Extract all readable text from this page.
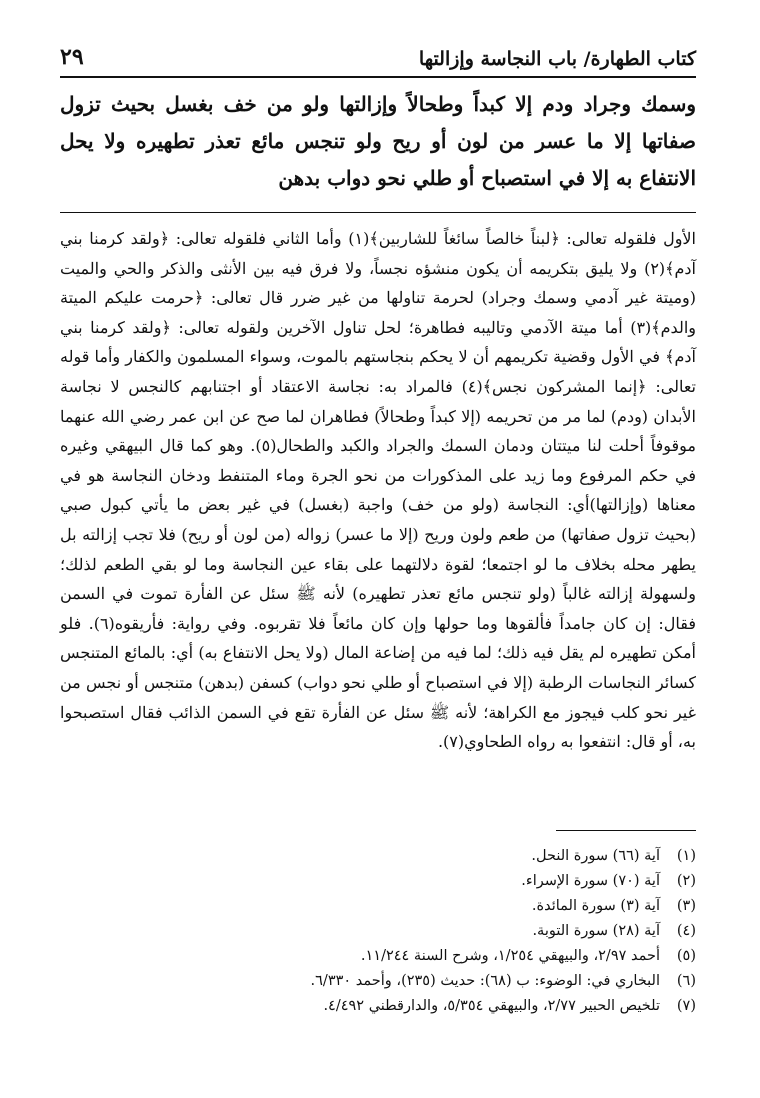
كتاب الطهارة/ باب النجاسة وإزالتها
٢٩
وسمك وجراد ودم إلا كبداً وطحالاً وإزالتها ولو من خف بغسل بحيث تزول صفاتها إلا ما عسر من لون أو ريح ولو تنجس مائع تعذر تطهيره ولا يحل الانتفاع به إلا في استصباح أو طلي نحو دواب بدهن
الأول فلقوله تعالى: ﴿لبناً خالصاً سائغاً للشاربين﴾(١) وأما الثاني فلقوله تعالى: ﴿ولقد كرمنا بني آدم﴾(٢) ولا يليق بتكريمه أن يكون منشؤه نجساً، ولا فرق فيه بين الأنثى والذكر والحي والميت (وميتة غير آدمي وسمك وجراد) لحرمة تناولها من غير ضرر قال تعالى: ﴿حرمت عليكم الميتة والدم﴾(٣) أما ميتة الآدمي وتاليبه فطاهرة؛ لحل تناول الآخرين ولقوله تعالى: ﴿ولقد كرمنا بني آدم﴾ في الأول وقضية تكريمهم أن لا يحكم بنجاستهم بالموت، وسواء المسلمون والكفار وأما قوله تعالى: ﴿إنما المشركون نجس﴾(٤) فالمراد به: نجاسة الاعتقاد أو اجتنابهم كالنجس لا نجاسة الأبدان (ودم) لما مر من تحريمه (إلا كبداً وطحالاً) فطاهران لما صح عن ابن عمر رضي الله عنهما موقوفاً أحلت لنا ميتتان ودمان السمك والجراد والكبد والطحال(٥). وهو كما قال البيهقي وغيره في حكم المرفوع وما زيد على المذكورات من نحو الجرة وماء المتنفط ودخان النجاسة هو في معناها (وإزالتها)أي: النجاسة (ولو من خف) واجبة (بغسل) في غير بعض ما يأتي كبول صبي (بحيث تزول صفاتها) من طعم ولون وريح (إلا ما عسر) زواله (من لون أو ريح) فلا تجب إزالته بل يطهر محله بخلاف ما لو اجتمعا؛ لقوة دلالتهما على بقاء عين النجاسة وما لو بقي الطعم لذلك؛ ولسهولة إزالته غالباً (ولو تنجس مائع تعذر تطهيره) لأنه ﷺ سئل عن الفأرة تموت في السمن فقال: إن كان جامداً فألقوها وما حولها وإن كان مائعاً فلا تقربوه. وفي رواية: فأريقوه(٦). فلو أمكن تطهيره لم يقل فيه ذلك؛ لما فيه من إضاعة المال (ولا يحل الانتفاع به) أي: بالمائع المتنجس كسائر النجاسات الرطبة (إلا في استصباح أو طلي نحو دواب) كسفن (بدهن) متنجس أو نجس من غير نحو كلب فيجوز مع الكراهة؛ لأنه ﷺ سئل عن الفأرة تقع في السمن الذائب فقال استصبحوا به، أو قال: انتفعوا به رواه الطحاوي(٧).
(١)
آية (٦٦) سورة النحل.
(٢)
آية (٧٠) سورة الإسراء.
(٣)
آية (٣) سورة المائدة.
(٤)
آية (٢٨) سورة التوبة.
(٥)
أحمد ٢/٩٧، والبيهقي ١/٢٥٤، وشرح السنة ١١/٢٤٤.
(٦)
البخاري في: الوضوء: ب (٦٨): حديث (٢٣٥)، وأحمد ٦/٣٣٠.
(٧)
تلخيص الحبير ٢/٧٧، والبيهقي ٥/٣٥٤، والدارقطني ٤/٤٩٢.
